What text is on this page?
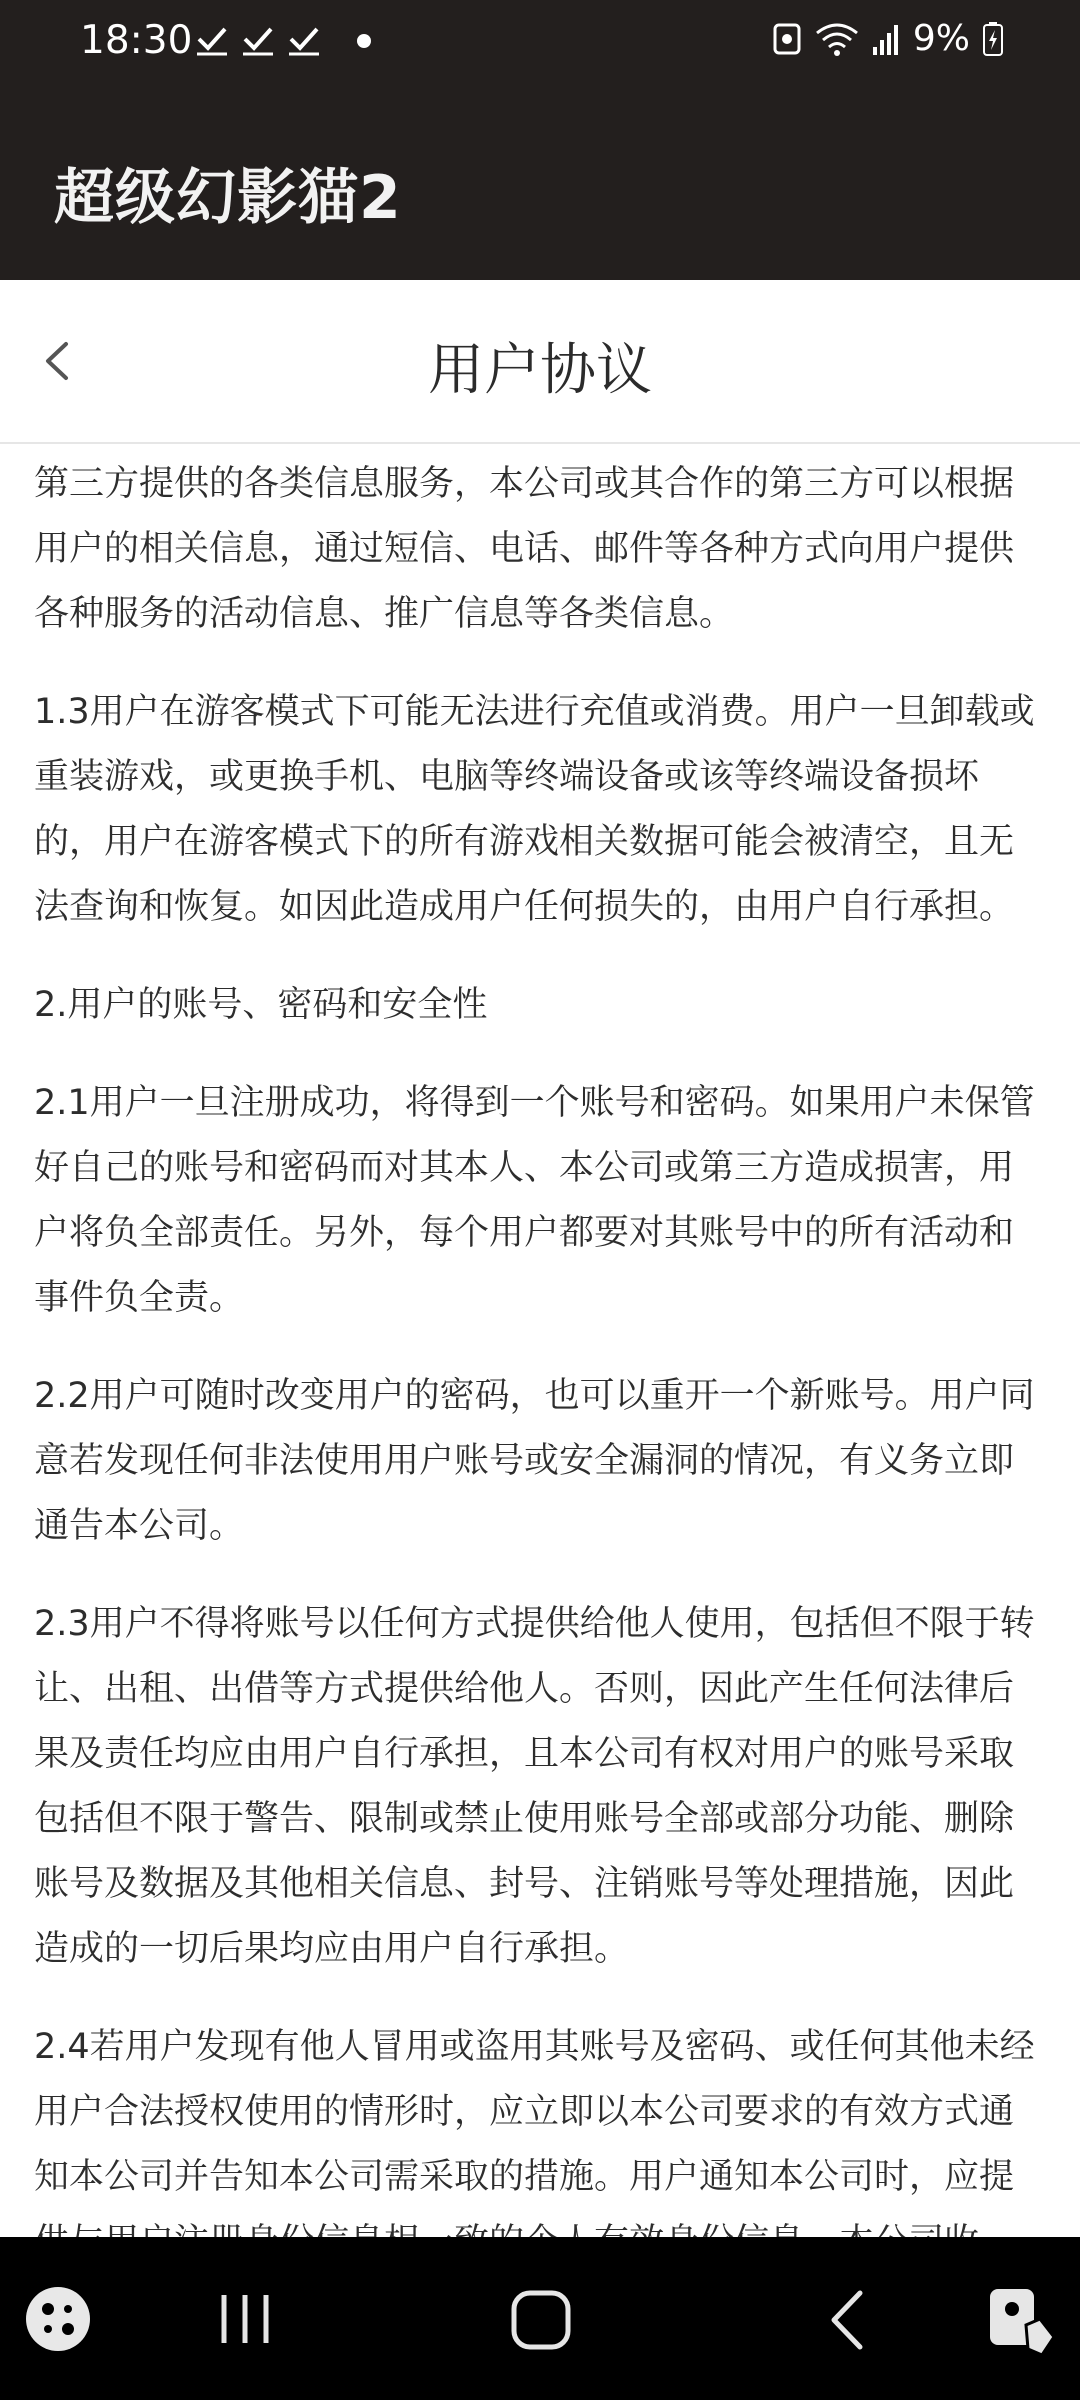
18:30	9%
超级幻影猫2
用户协议

第三方提供的各类信息服务，本公司或其合作的第三方可以根据用户的相关信息，通过短信、电话、邮件等各种方式向用户提供各种服务的活动信息、推广信息等各类信息。

1.3用户在游客模式下可能无法进行充值或消费。用户一旦卸载或重装游戏，或更换手机、电脑等终端设备或该等终端设备损坏的，用户在游客模式下的所有游戏相关数据可能会被清空，且无法查询和恢复。如因此造成用户任何损失的，由用户自行承担。

2.用户的账号、密码和安全性

2.1用户一旦注册成功，将得到一个账号和密码。如果用户未保管好自己的账号和密码而对其本人、本公司或第三方造成损害，用户将负全部责任。另外，每个用户都要对其账号中的所有活动和事件负全责。

2.2用户可随时改变用户的密码，也可以重开一个新账号。用户同意若发现任何非法使用用户账号或安全漏洞的情况，有义务立即通告本公司。

2.3用户不得将账号以任何方式提供给他人使用，包括但不限于转让、出租、出借等方式提供给他人。否则，因此产生任何法律后果及责任均应由用户自行承担，且本公司有权对用户的账号采取包括但不限于警告、限制或禁止使用账号全部或部分功能、删除账号及数据及其他相关信息、封号、注销账号等处理措施，因此造成的一切后果均应由用户自行承担。

2.4若用户发现有他人冒用或盗用其账号及密码、或任何其他未经用户合法授权使用的情形时，应立即以本公司要求的有效方式通知本公司并告知本公司需采取的措施。用户通知本公司时，应提
